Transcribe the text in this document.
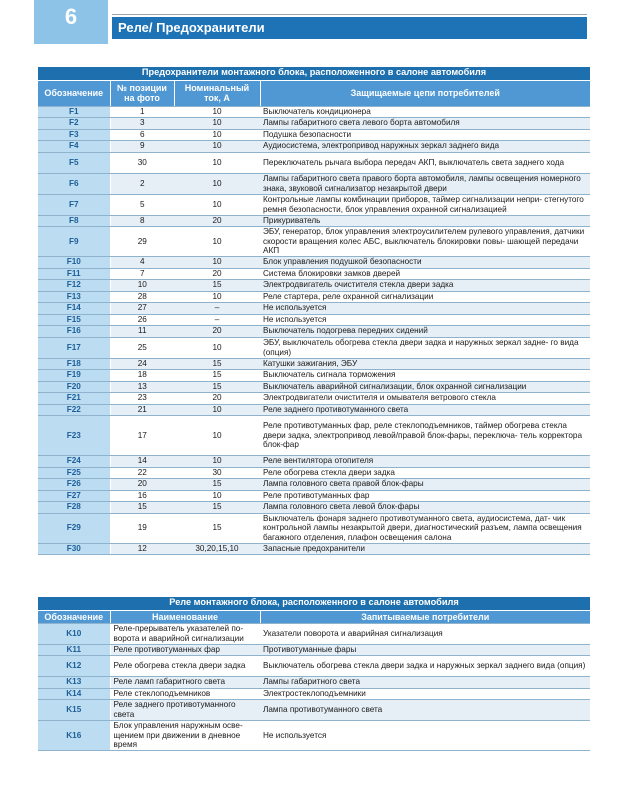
6	Реле/ Предохранители
Предохранители монтажного блока, расположенного в салоне автомобиля			
Обозначение	№ позиции на фото	Номинальный ток, А	Защищаемые цепи потребителей
F1	1	10	Выключатель кондиционера
F2	3	10	Лампы габаритного света левого борта автомобиля
F3	6	10	Подушка безопасности
F4	9	10	Аудиосистема, электропривод наружных зеркал заднего вида
F5	30	10	Переключатель рычага выбора передач АКП, выключатель света заднего хода
F6	2	10	Лампы габаритного света правого борта автомобиля, лампы освещения номерного знака, звуковой сигнализатор незакрытой двери
F7	5	10	Контрольные лампы комбинации приборов, таймер сигнализации непри- стегнутого ремня безопасности, блок управления охранной сигнализацией
F8	8	20	Прикуриватель
F9	29	10	ЭБУ, генератор, блок управления электроусилителем рулевого управления, датчики скорости вращения колес АБС, выключатель блокировки повы- шающей передачи АКП
F10	4	10	Блок управления подушкой безопасности
F11	7	20	Система блокировки замков дверей
F12	10	15	Электродвигатель очистителя стекла двери задка
F13	28	10	Реле стартера, реле охранной сигнализации
F14	27	–	Не используется
F15	26	–	Не используется
F16	11	20	Выключатель подогрева передних сидений
F17	25	10	ЭБУ, выключатель обогрева стекла двери задка и наружных зеркал задне- го вида (опция)
F18	24	15	Катушки зажигания, ЭБУ
F19	18	15	Выключатель сигнала торможения
F20	13	15	Выключатель аварийной сигнализации, блок охранной сигнализации
F21	23	20	Электродвигатели очистителя и омывателя ветрового стекла
F22	21	10	Реле заднего противотуманного света
F23	17	10	Реле противотуманных фар, реле стеклоподъемников, таймер обогрева стекла двери задка, электропривод левой/правой блок-фары, переключа- тель корректора блок-фар
F24	14	10	Реле вентилятора отопителя
F25	22	30	Реле обогрева стекла двери задка
F26	20	15	Лампа головного света правой блок-фары
F27	16	10	Реле противотуманных фар
F28	15	15	Лампа головного света левой блок-фары
F29	19	15	Выключатель фонаря заднего противотуманного света, аудиосистема, дат- чик контрольной лампы незакрытой двери, диагностический разъем, лампа освещения багажного отделения, плафон освещения салона
F30	12	30,20,15,10	Запасные предохранители
Реле монтажного блока, расположенного в салоне автомобиля		
Обозначение	Наименование	Запитываемые потребители
K10	Реле-прерыватель указателей по- ворота и аварийной сигнализации	Указатели поворота и аварийная сигнализация
K11	Реле противотуманных фар	Противотуманные фары
K12	Реле обогрева стекла двери задка	Выключатель обогрева стекла двери задка и наружных зеркал заднего вида (опция)
K13	Реле ламп габаритного света	Лампы габаритного света
K14	Реле стеклоподъемников	Электростеклоподъемники
K15	Реле заднего противотуманного света	Лампа противотуманного света
K16	Блок управления наружным осве- щением при движении в дневное время	Не используется
